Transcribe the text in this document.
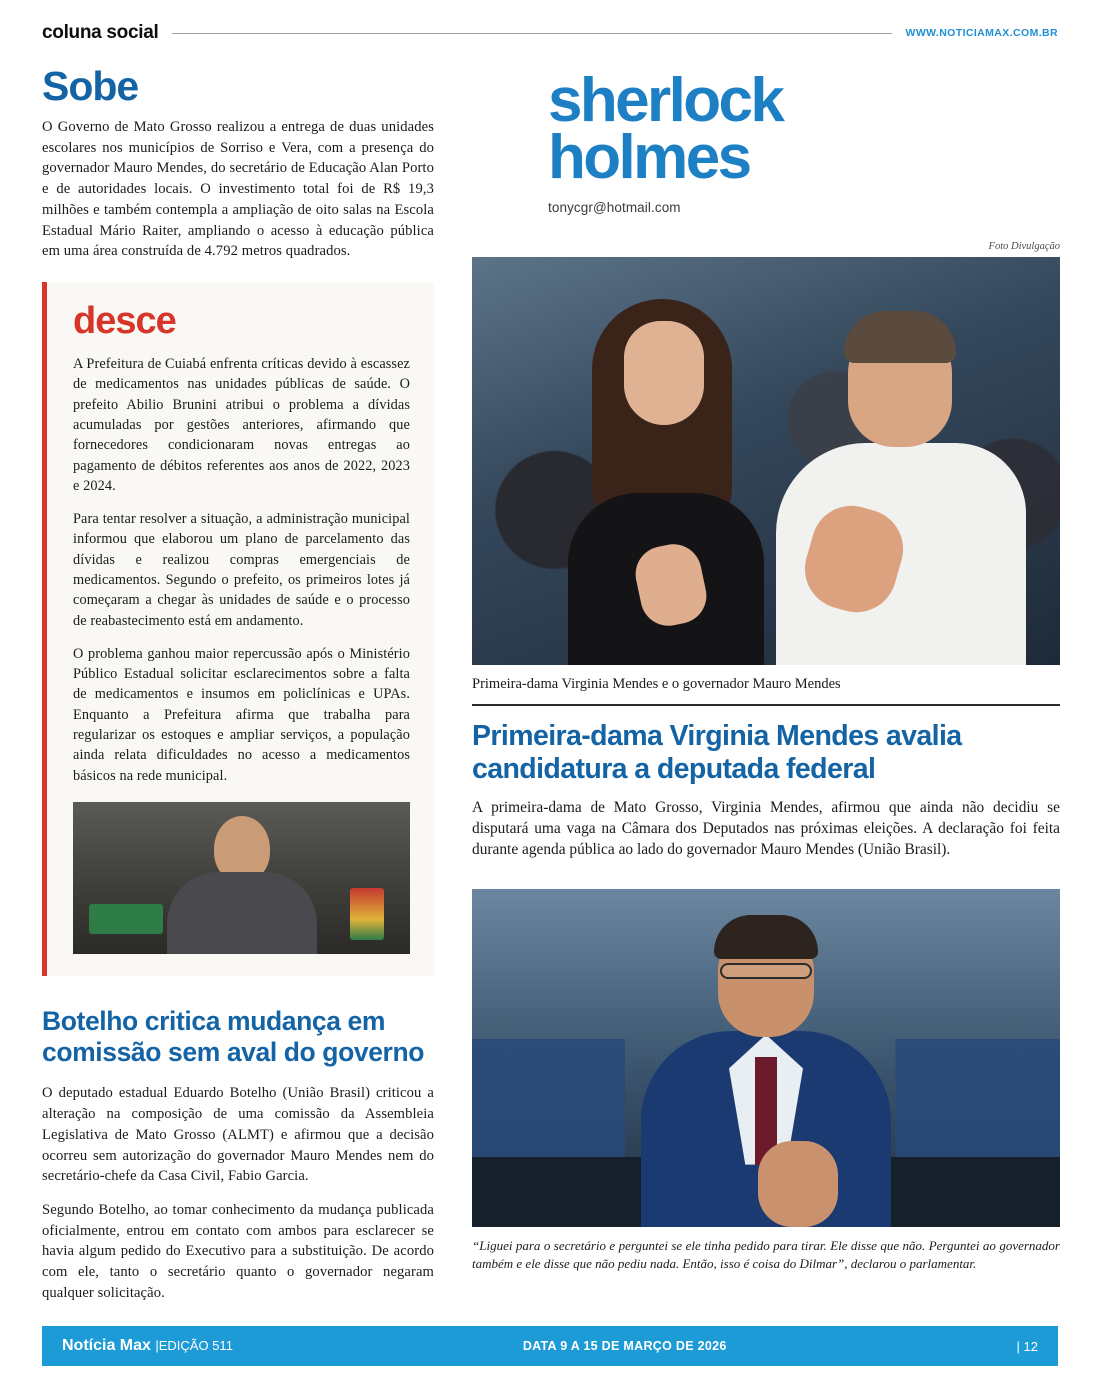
coluna social	WWW.NOTICIAMAX.COM.BR
Sobe

O Governo de Mato Grosso realizou a entrega de duas unidades escolares nos municípios de Sorriso e Vera, com a presença do governador Mauro Mendes, do secretário de Educação Alan Porto e de autoridades locais. O investimento total foi de R$ 19,3 milhões e também contempla a ampliação de oito salas na Escola Estadual Mário Raiter, ampliando o acesso à educação pública em uma área construída de 4.792 metros quadrados.

desce

A Prefeitura de Cuiabá enfrenta críticas devido à escassez de medicamentos nas unidades públicas de saúde. O prefeito Abilio Brunini atribui o problema a dívidas acumuladas por gestões anteriores, afirmando que fornecedores condicionaram novas entregas ao pagamento de débitos referentes aos anos de 2022, 2023 e 2024.

Para tentar resolver a situação, a administração municipal informou que elaborou um plano de parcelamento das dívidas e realizou compras emergenciais de medicamentos. Segundo o prefeito, os primeiros lotes já começaram a chegar às unidades de saúde e o processo de reabastecimento está em andamento.

O problema ganhou maior repercussão após o Ministério Público Estadual solicitar esclarecimentos sobre a falta de medicamentos e insumos em policlínicas e UPAs. Enquanto a Prefeitura afirma que trabalha para regularizar os estoques e ampliar serviços, a população ainda relata dificuldades no acesso a medicamentos básicos na rede municipal.

Botelho critica mudança em comissão sem aval do governo

O deputado estadual Eduardo Botelho (União Brasil) criticou a alteração na composição de uma comissão da Assembleia Legislativa de Mato Grosso (ALMT) e afirmou que a decisão ocorreu sem autorização do governador Mauro Mendes nem do secretário-chefe da Casa Civil, Fabio Garcia.

Segundo Botelho, ao tomar conhecimento da mudança publicada oficialmente, entrou em contato com ambos para esclarecer se havia algum pedido do Executivo para a substituição. De acordo com ele, tanto o secretário quanto o governador negaram qualquer solicitação.

sherlock
holmes
tonycgr@hotmail.com
Foto Divulgação
Primeira-dama Virginia Mendes e o governador Mauro Mendes
Primeira-dama Virginia Mendes avalia candidatura a deputada federal
A primeira-dama de Mato Grosso, Virginia Mendes, afirmou que ainda não decidiu se disputará uma vaga na Câmara dos Deputados nas próximas eleições. A declaração foi feita durante agenda pública ao lado do governador Mauro Mendes (União Brasil).
“Liguei para o secretário e perguntei se ele tinha pedido para tirar. Ele disse que não. Perguntei ao governador também e ele disse que não pediu nada. Então, isso é coisa do Dilmar”, declarou o parlamentar.
Notícia Max |EDIÇÃO 511	DATA 9 A 15 DE MARÇO DE 2026	| 12
